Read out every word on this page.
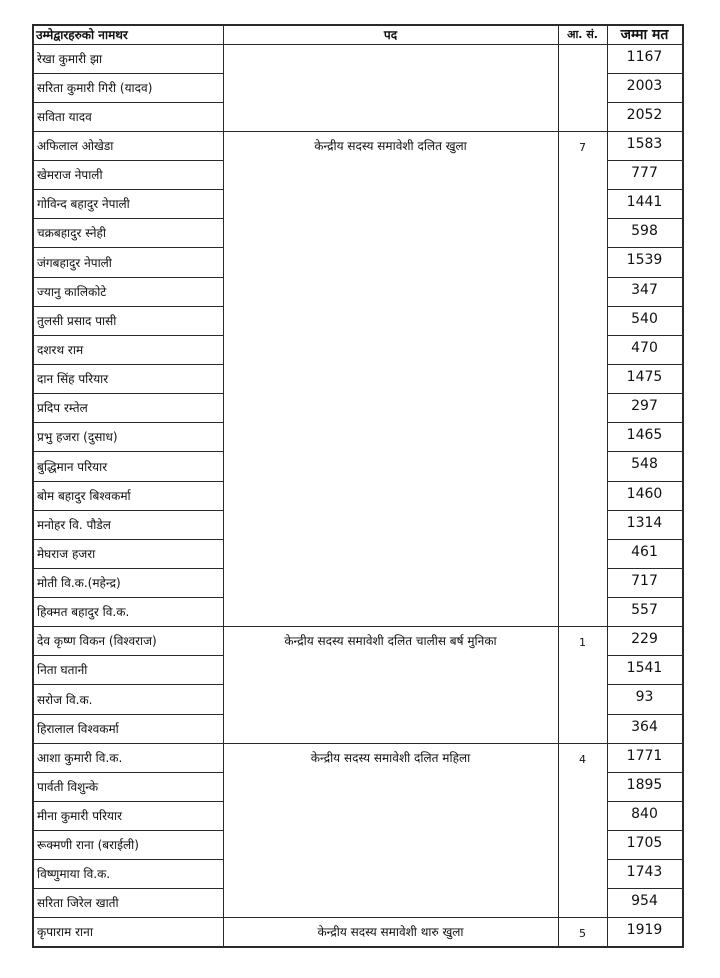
उम्मेद्वारहरुको नामथर	पद	आ. सं.	जम्मा मत
रेखा कुमारी झा	1167
सरिता कुमारी गिरी (यादव)	2003
सविता यादव	2052
अफिलाल ओखेडा	केन्द्रीय सदस्य समावेशी दलित खुला	7	1583
खेमराज नेपाली	777
गोविन्द बहादुर नेपाली	1441
चक्रबहादुर स्नेही	598
जंगबहादुर नेपाली	1539
ज्यानु कालिकोटे	347
तुलसी प्रसाद पासी	540
दशरथ राम	470
दान सिंह परियार	1475
प्रदिप रम्तेल	297
प्रभु हजरा (दुसाध)	1465
बुद्धिमान परियार	548
बोम बहादुर बिश्वकर्मा	1460
मनोहर वि. पौडेल	1314
मेघराज हजरा	461
मोती वि.क.(महेन्द्र)	717
हिक्मत बहादुर वि.क.	557
देव कृष्ण विकन (विश्वराज)	केन्द्रीय सदस्य समावेशी दलित चालीस बर्ष मुनिका	1	229
निता घतानी	1541
सरोज वि.क.	93
हिरालाल विश्वकर्मा	364
आशा कुमारी वि.क.	केन्द्रीय सदस्य समावेशी दलित महिला	4	1771
पार्वती विशुन्के	1895
मीना कुमारी परियार	840
रूक्मणी राना (बराईली)	1705
विष्णुमाया वि.क.	1743
सरिता जिरेल खाती	954
कृपाराम राना	केन्द्रीय सदस्य समावेशी थारु खुला	5	1919
